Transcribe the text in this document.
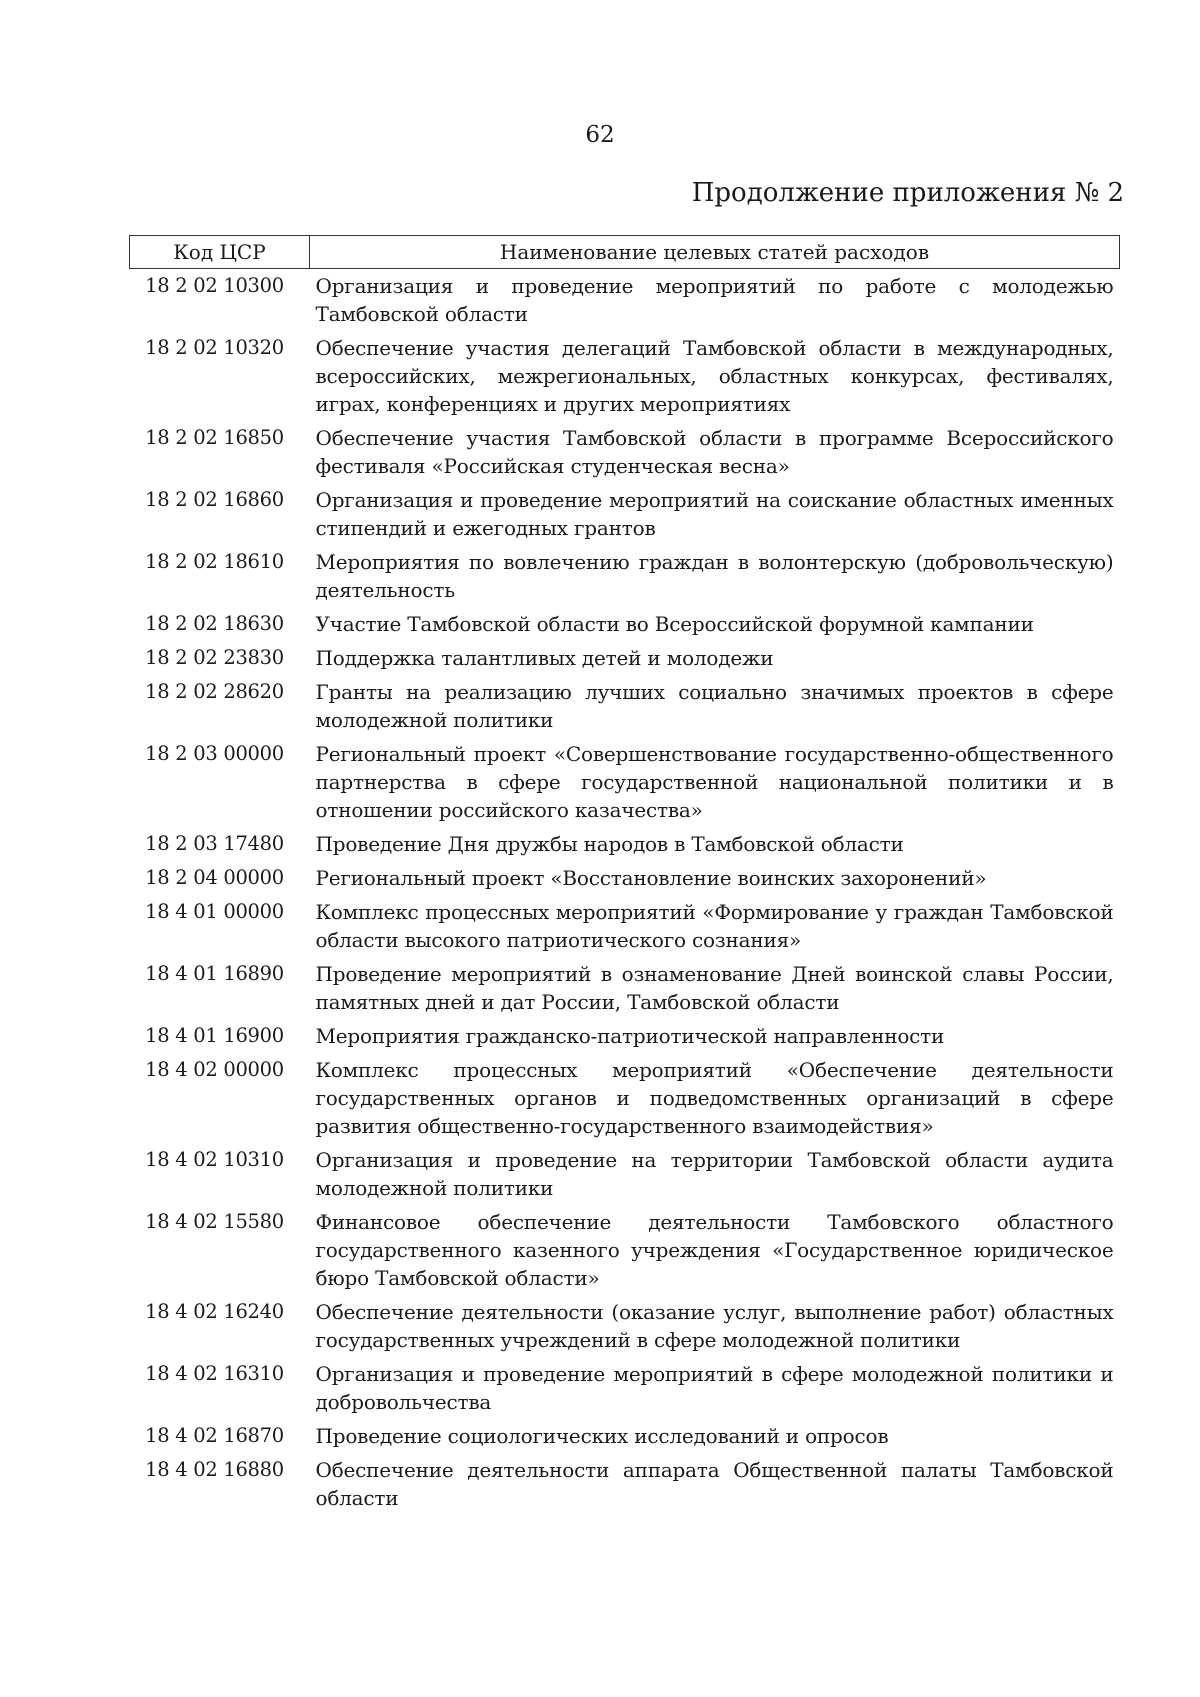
62
Продолжение приложения № 2
Код ЦСР	Наименование целевых статей расходов
18 2 02 10300	Организация и проведение мероприятий по работе с молодежью Тамбовской области
18 2 02 10320	Обеспечение участия делегаций Тамбовской области в международных, всероссийских, межрегиональных, областных конкурсах, фестивалях, играх, конференциях и других мероприятиях
18 2 02 16850	Обеспечение участия Тамбовской области в программе Всероссийского фестиваля «Российская студенческая весна»
18 2 02 16860	Организация и проведение мероприятий на соискание областных именных стипендий и ежегодных грантов
18 2 02 18610	Мероприятия по вовлечению граждан в волонтерскую (добровольческую) деятельность
18 2 02 18630	Участие Тамбовской области во Всероссийской форумной кампании
18 2 02 23830	Поддержка талантливых детей и молодежи
18 2 02 28620	Гранты на реализацию лучших социально значимых проектов в сфере молодежной политики
18 2 03 00000	Региональный проект «Совершенствование государственно-общественного партнерства в сфере государственной национальной политики и в отношении российского казачества»
18 2 03 17480	Проведение Дня дружбы народов в Тамбовской области
18 2 04 00000	Региональный проект «Восстановление воинских захоронений»
18 4 01 00000	Комплекс процессных мероприятий «Формирование у граждан Тамбовской области высокого патриотического сознания»
18 4 01 16890	Проведение мероприятий в ознаменование Дней воинской славы России, памятных дней и дат России, Тамбовской области
18 4 01 16900	Мероприятия гражданско-патриотической направленности
18 4 02 00000	Комплекс процессных мероприятий «Обеспечение деятельности государственных органов и подведомственных организаций в сфере развития общественно-государственного взаимодействия»
18 4 02 10310	Организация и проведение на территории Тамбовской области аудита молодежной политики
18 4 02 15580	Финансовое обеспечение деятельности Тамбовского областного государственного казенного учреждения «Государственное юридическое бюро Тамбовской области»
18 4 02 16240	Обеспечение деятельности (оказание услуг, выполнение работ) областных государственных учреждений в сфере молодежной политики
18 4 02 16310	Организация и проведение мероприятий в сфере молодежной политики и добровольчества
18 4 02 16870	Проведение социологических исследований и опросов
18 4 02 16880	Обеспечение деятельности аппарата Общественной палаты Тамбовской области
